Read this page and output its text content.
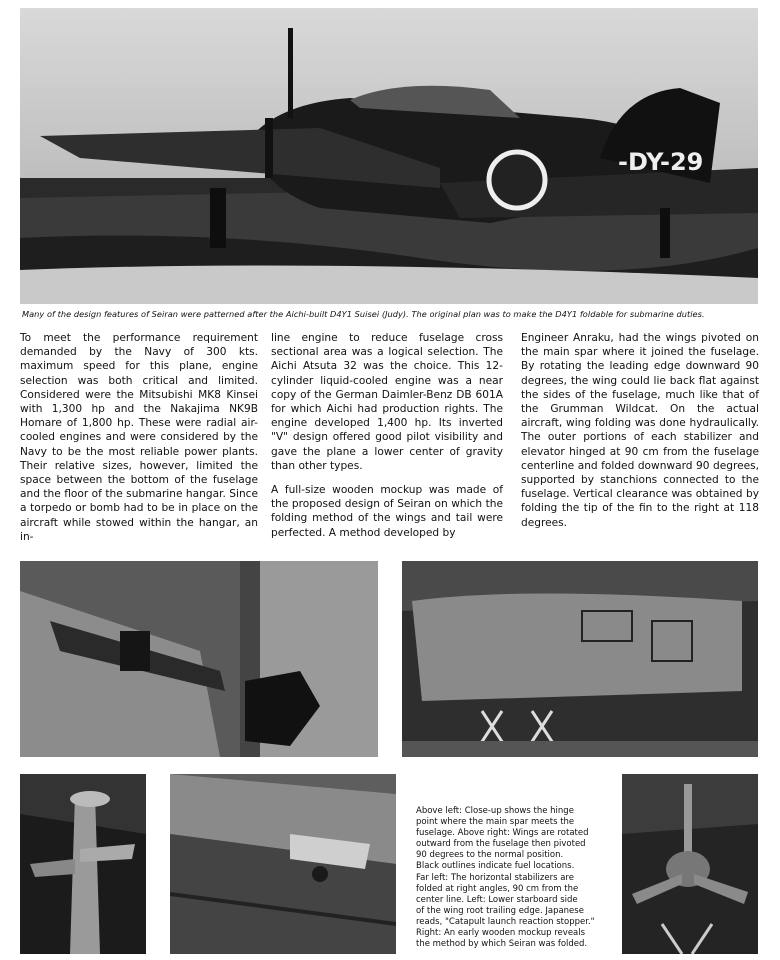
-DY-29
Many of the design features of Seiran were patterned after the Aichi-built D4Y1 Suisei (Judy). The original plan was to make the D4Y1 foldable for submarine duties.

To meet the performance requirement demanded by the Navy of 300 kts. maximum speed for this plane, engine selection was both critical and limited. Considered were the Mitsubishi MK8 Kinsei with 1,300 hp and the Nakajima NK9B Homare of 1,800 hp. These were radial air-cooled engines and were considered by the Navy to be the most reliable power plants. Their relative sizes, however, limited the space between the bottom of the fuselage and the floor of the submarine hangar. Since a torpedo or bomb had to be in place on the aircraft while stowed within the hangar, an in-

line engine to reduce fuselage cross sectional area was a logical selection. The Aichi Atsuta 32 was the choice. This 12-cylinder liquid-cooled engine was a near copy of the German Daimler-Benz DB 601A for which Aichi had production rights. The engine developed 1,400 hp. Its inverted "V" design offered good pilot visibility and gave the plane a lower center of gravity than other types.

A full-size wooden mockup was made of the proposed design of Seiran on which the folding method of the wings and tail were perfected. A method developed by

Engineer Anraku, had the wings pivoted on the main spar where it joined the fuselage. By rotating the leading edge downward 90 degrees, the wing could lie back flat against the sides of the fuselage, much like that of the Grumman Wildcat. On the actual aircraft, wing folding was done hydraulically. The outer portions of each stabilizer and elevator hinged at 90 cm from the fuselage centerline and folded downward 90 degrees, supported by stanchions connected to the fuselage. Vertical clearance was obtained by folding the tip of the fin to the right at 118 degrees.

Above left: Close-up shows the hinge

point where the main spar meets the

fuselage. Above right: Wings are rotated

outward from the fuselage then pivoted

90 degrees to the normal position.

Black outlines indicate fuel locations.

Far left: The horizontal stabilizers are

folded at right angles, 90 cm from the

center line. Left: Lower starboard side

of the wing root trailing edge. Japanese

reads, "Catapult launch reaction stopper."

Right: An early wooden mockup reveals

the method by which Seiran was folded.
